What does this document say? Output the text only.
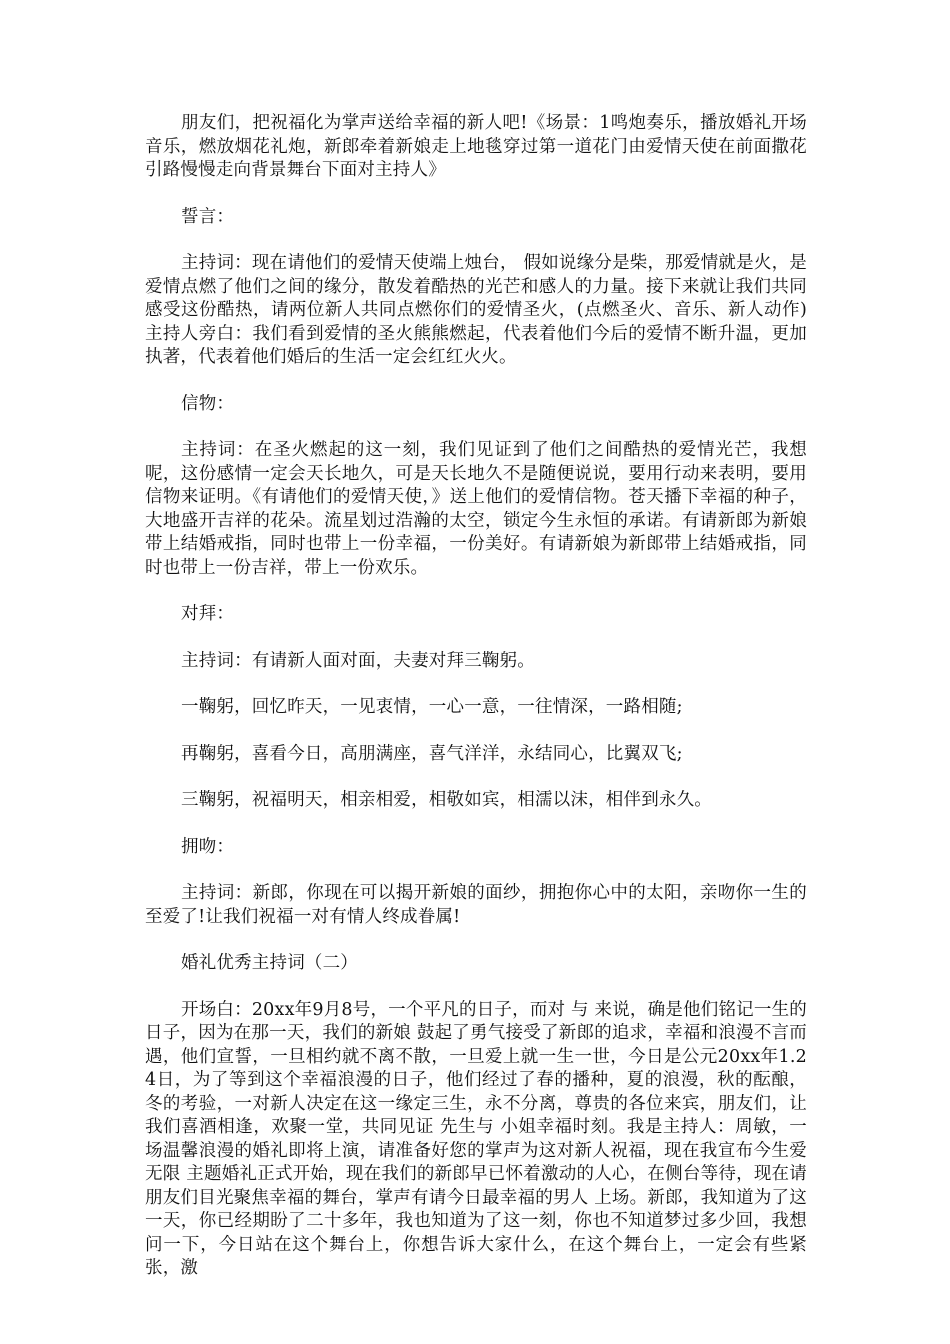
朋友们，把祝福化为掌声送给幸福的新人吧!《场景：1鸣炮奏乐，播放婚礼开场音乐，燃放烟花礼炮，新郎牵着新娘走上地毯穿过第一道花门由爱情天使在前面撒花引路慢慢走向背景舞台下面对主持人》

誓言：

主持词：现在请他们的爱情天使端上烛台， 假如说缘分是柴，那爱情就是火，是爱情点燃了他们之间的缘分，散发着酷热的光芒和感人的力量。接下来就让我们共同感受这份酷热，请两位新人共同点燃你们的爱情圣火，(点燃圣火、音乐、新人动作)主持人旁白：我们看到爱情的圣火熊熊燃起，代表着他们今后的爱情不断升温，更加执著，代表着他们婚后的生活一定会红红火火。

信物：

主持词：在圣火燃起的这一刻，我们见证到了他们之间酷热的爱情光芒，我想呢，这份感情一定会天长地久，可是天长地久不是随便说说，要用行动来表明，要用信物来证明。《有请他们的爱情天使，》送上他们的爱情信物。苍天播下幸福的种子，大地盛开吉祥的花朵。流星划过浩瀚的太空，锁定今生永恒的承诺。有请新郎为新娘带上结婚戒指，同时也带上一份幸福，一份美好。有请新娘为新郎带上结婚戒指，同时也带上一份吉祥，带上一份欢乐。

对拜：

主持词：有请新人面对面，夫妻对拜三鞠躬。

一鞠躬，回忆昨天，一见衷情，一心一意，一往情深，一路相随;

再鞠躬，喜看今日，高朋满座，喜气洋洋，永结同心，比翼双飞;

三鞠躬，祝福明天，相亲相爱，相敬如宾，相濡以沫，相伴到永久。

拥吻：

主持词：新郎，你现在可以揭开新娘的面纱，拥抱你心中的太阳，亲吻你一生的至爱了!让我们祝福一对有情人终成眷属!

婚礼优秀主持词（二）

开场白：20xx年9月8号，一个平凡的日子，而对 与 来说，确是他们铭记一生的日子，因为在那一天，我们的新娘 鼓起了勇气接受了新郎的追求，幸福和浪漫不言而遇，他们宣誓，一旦相约就不离不散，一旦爱上就一生一世，今日是公元20xx年1.24日，为了等到这个幸福浪漫的日子，他们经过了春的播种，夏的浪漫，秋的酝酿，冬的考验，一对新人决定在这一缘定三生，永不分离，尊贵的各位来宾，朋友们，让我们喜酒相逢，欢聚一堂，共同见证 先生与 小姐幸福时刻。我是主持人：周敏，一场温馨浪漫的婚礼即将上演，请准备好您的掌声为这对新人祝福，现在我宣布今生爱无限 主题婚礼正式开始，现在我们的新郎早已怀着激动的人心，在侧台等待，现在请朋友们目光聚焦幸福的舞台，掌声有请今日最幸福的男人 上场。新郎，我知道为了这一天，你已经期盼了二十多年，我也知道为了这一刻，你也不知道梦过多少回，我想问一下，今日站在这个舞台上，你想告诉大家什么，在这个舞台上，一定会有些紧张，激
